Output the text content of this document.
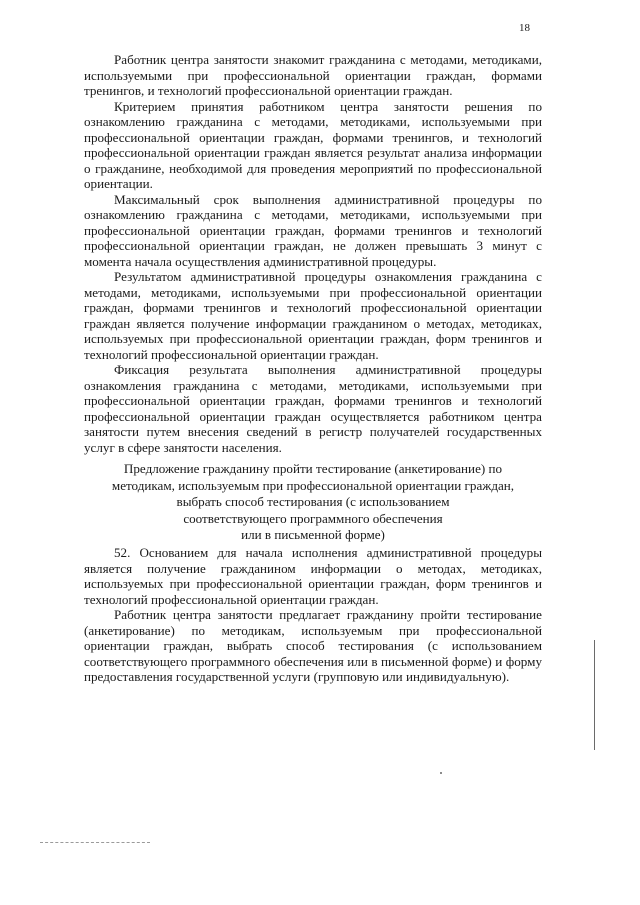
18

Работник центра занятости знакомит гражданина с методами, методиками, используемыми при профессиональной ориентации граждан, формами тренингов, и технологий профессиональной ориентации граждан.

Критерием принятия работником центра занятости решения по ознакомлению гражданина с методами, методиками, используемыми при профессиональной ориентации граждан, формами тренингов, и технологий профессиональной ориентации граждан является результат анализа информации о гражданине, необходимой для проведения мероприятий по профессиональной ориентации.

Максимальный срок выполнения административной процедуры по ознакомлению гражданина с методами, методиками, используемыми при профессиональной ориентации граждан, формами тренингов и технологий профессиональной ориентации граждан, не должен превышать 3 минут с момента начала осуществления административной процедуры.

Результатом административной процедуры ознакомления гражданина с методами, методиками, используемыми при профессиональной ориентации граждан, формами тренингов и технологий профессиональной ориентации граждан является получение информации гражданином о методах, методиках, используемых при профессиональной ориентации граждан, форм тренингов и технологий профессиональной ориентации граждан.

Фиксация результата выполнения административной процедуры ознакомления гражданина с методами, методиками, используемыми при профессиональной ориентации граждан, формами тренингов и технологий профессиональной ориентации граждан осуществляется работником центра занятости путем внесения сведений в регистр получателей государственных услуг в сфере занятости населения.

Предложение гражданину пройти тестирование (анкетирование) по
методикам, используемым при профессиональной ориентации граждан,
выбрать способ тестирования (с использованием
соответствующего программного обеспечения
или в письменной форме)

52. Основанием для начала исполнения административной процедуры является получение гражданином информации о методах, методиках, используемых при профессиональной ориентации граждан, форм тренингов и технологий профессиональной ориентации граждан.

Работник центра занятости предлагает гражданину пройти тестирование (анкетирование) по методикам, используемым при профессиональной ориентации граждан, выбрать способ тестирования (с использованием соответствующего программного обеспечения или в письменной форме) и форму предоставления государственной услуги (групповую или индивидуальную).
